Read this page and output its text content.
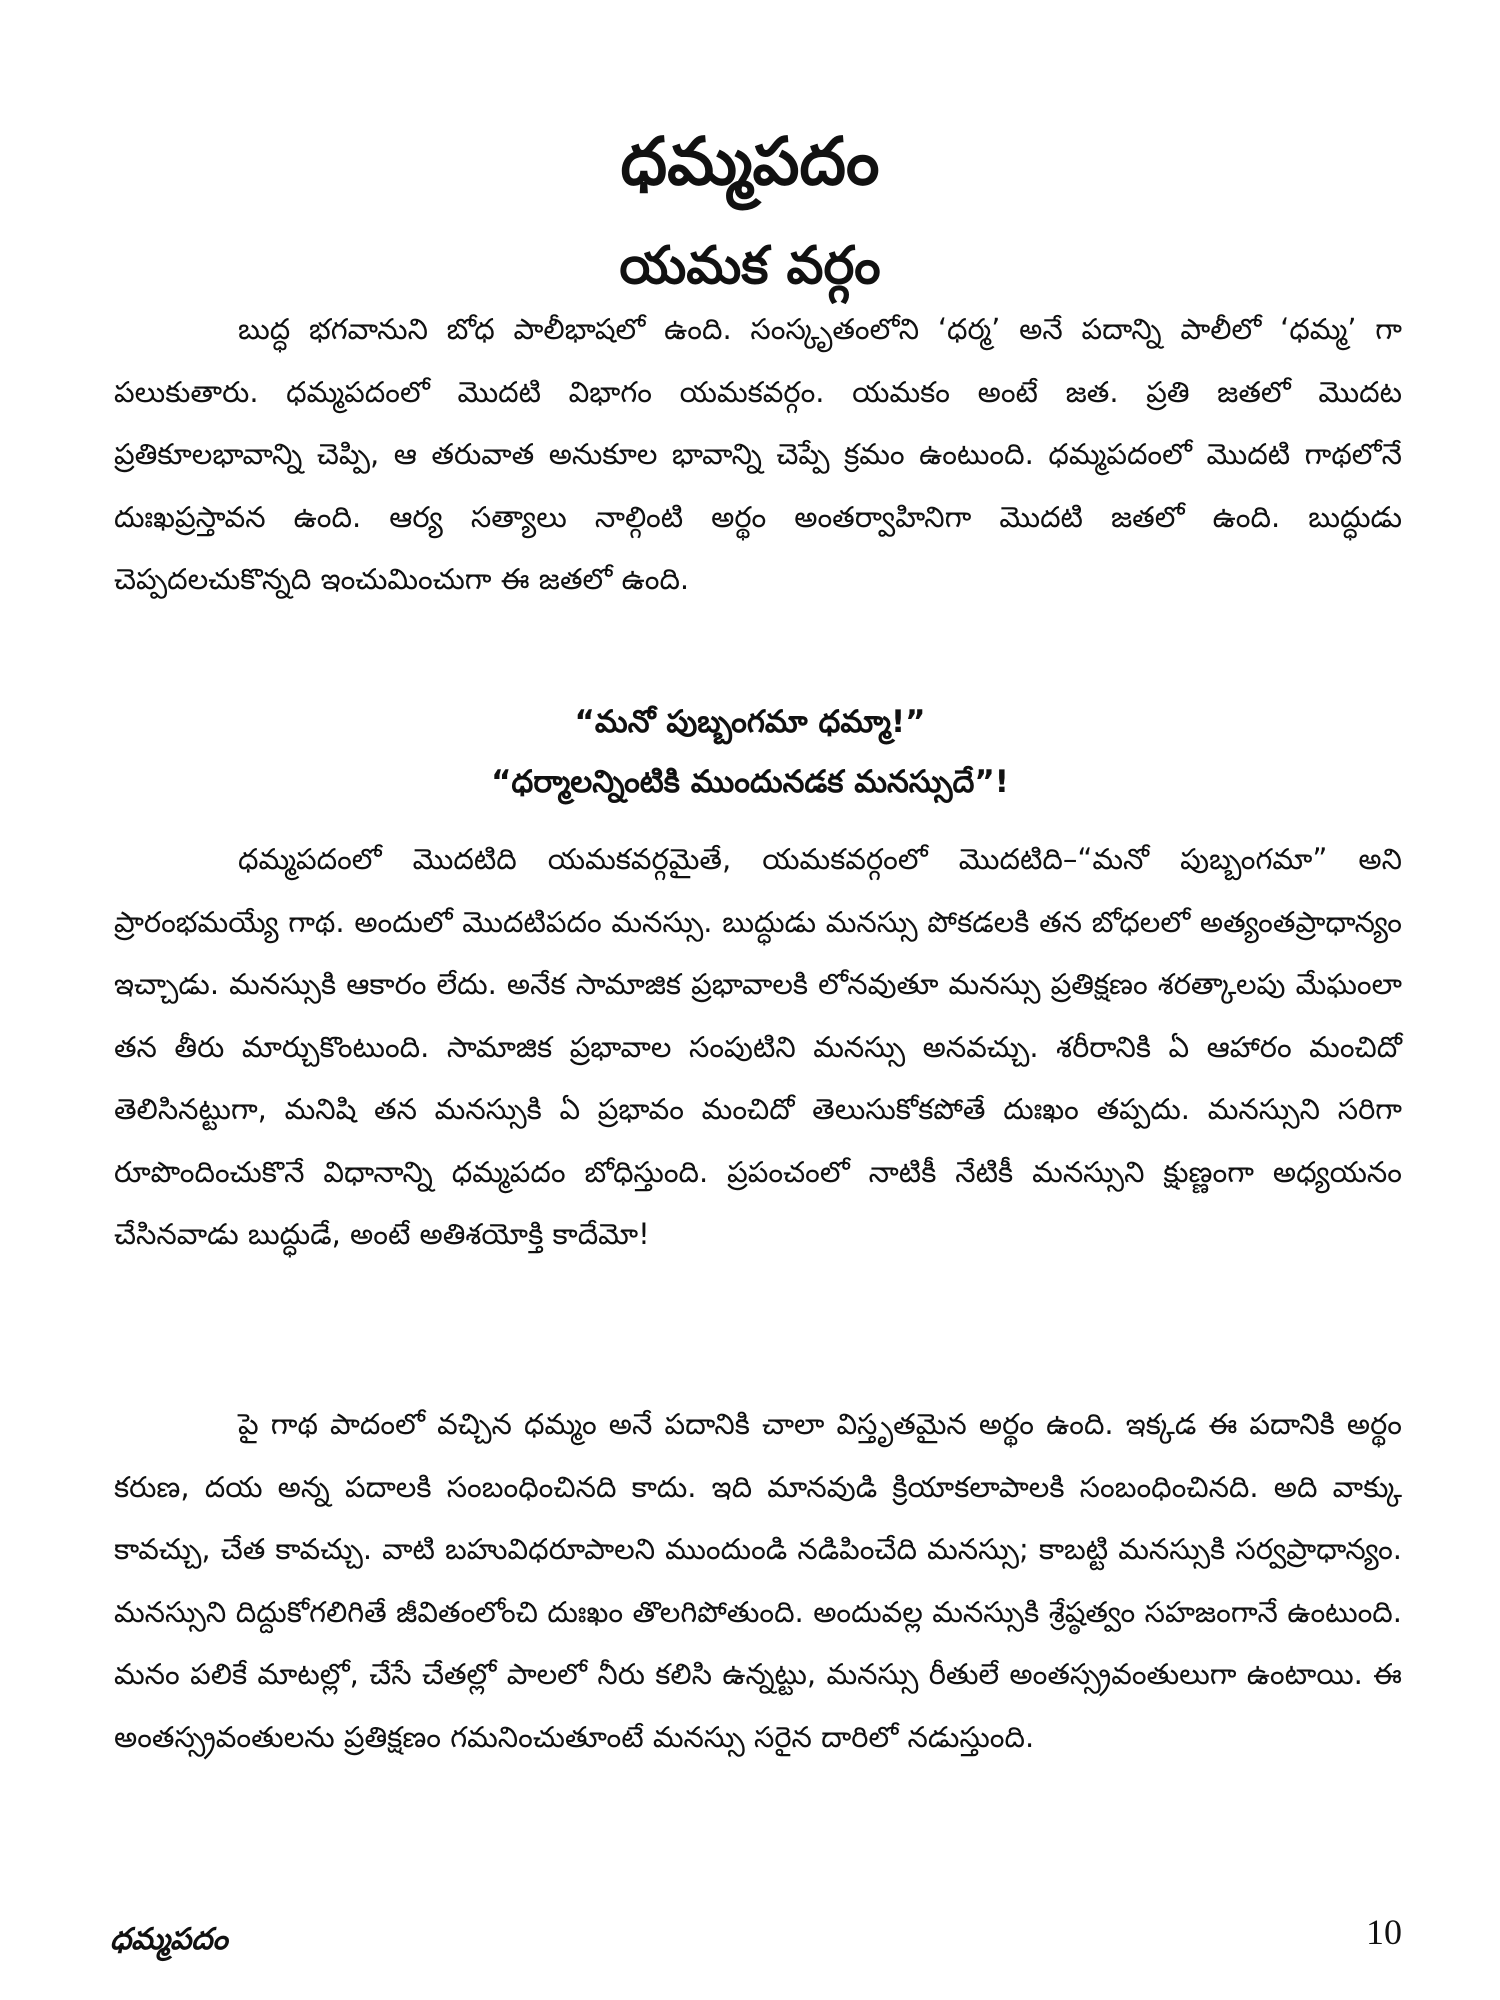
ధమ్మపదం
యమక వర్గం

బుద్ధ భగవానుని బోధ పాలీభాషలో ఉంది. సంస్కృతంలోని ‘ధర్మ’ అనే పదాన్ని పాలీలో ‘ధమ్మ’ గా పలుకుతారు. ధమ్మపదంలో మొదటి విభాగం యమకవర్గం. యమకం అంటే జత. ప్రతి జతలో మొదట ప్రతికూలభావాన్ని చెప్పి, ఆ తరువాత అనుకూల భావాన్ని చెప్పే క్రమం ఉంటుంది. ధమ్మపదంలో మొదటి గాథలోనే దుఃఖప్రస్తావన ఉంది. ఆర్య సత్యాలు నాల్గింటి అర్థం అంతర్వాహినిగా మొదటి జతలో ఉంది. బుద్ధుడు చెప్పదలచుకొన్నది ఇంచుమించుగా ఈ జతలో ఉంది.

“మనో పుబ్బంగమా ధమ్మా!”
“ధర్మాలన్నింటికి ముందునడక మనస్సుదే”!

ధమ్మపదంలో మొదటిది యమకవర్గమైతే, యమకవర్గంలో మొదటిది–“మనో పుబ్బంగమా” అని ప్రారంభమయ్యే గాథ. అందులో మొదటిపదం మనస్సు. బుద్ధుడు మనస్సు పోకడలకి తన బోధలలో అత్యంతప్రాధాన్యం ఇచ్చాడు. మనస్సుకి ఆకారం లేదు. అనేక సామాజిక ప్రభావాలకి లోనవుతూ మనస్సు ప్రతిక్షణం శరత్కాలపు మేఘంలా తన తీరు మార్చుకొంటుంది. సామాజిక ప్రభావాల సంపుటిని మనస్సు అనవచ్చు. శరీరానికి ఏ ఆహారం మంచిదో తెలిసినట్టుగా, మనిషి తన మనస్సుకి ఏ ప్రభావం మంచిదో తెలుసుకోకపోతే దుఃఖం తప్పదు. మనస్సుని సరిగా రూపొందించుకొనే విధానాన్ని ధమ్మపదం బోధిస్తుంది. ప్రపంచంలో నాటికీ నేటికీ మనస్సుని క్షుణ్ణంగా అధ్యయనం చేసినవాడు బుద్ధుడే, అంటే అతిశయోక్తి కాదేమో!

పై గాథ పాదంలో వచ్చిన ధమ్మం అనే పదానికి చాలా విస్తృతమైన అర్థం ఉంది. ఇక్కడ ఈ పదానికి అర్థం కరుణ, దయ అన్న పదాలకి సంబంధించినది కాదు. ఇది మానవుడి క్రియాకలాపాలకి సంబంధించినది. అది వాక్కు కావచ్చు, చేత కావచ్చు. వాటి బహువిధరూపాలని ముందుండి నడిపించేది మనస్సు; కాబట్టి మనస్సుకి సర్వప్రాధాన్యం. మనస్సుని దిద్దుకోగలిగితే జీవితంలోంచి దుఃఖం తొలగిపోతుంది. అందువల్ల మనస్సుకి శ్రేష్ఠత్వం సహజంగానే ఉంటుంది. మనం పలికే మాటల్లో, చేసే చేతల్లో పాలలో నీరు కలిసి ఉన్నట్టు, మనస్సు రీతులే అంతస్స్రవంతులుగా ఉంటాయి. ఈ అంతస్స్రవంతులను ప్రతిక్షణం గమనించుతూంటే మనస్సు సరైన దారిలో నడుస్తుంది.

ధమ్మపదం	10
